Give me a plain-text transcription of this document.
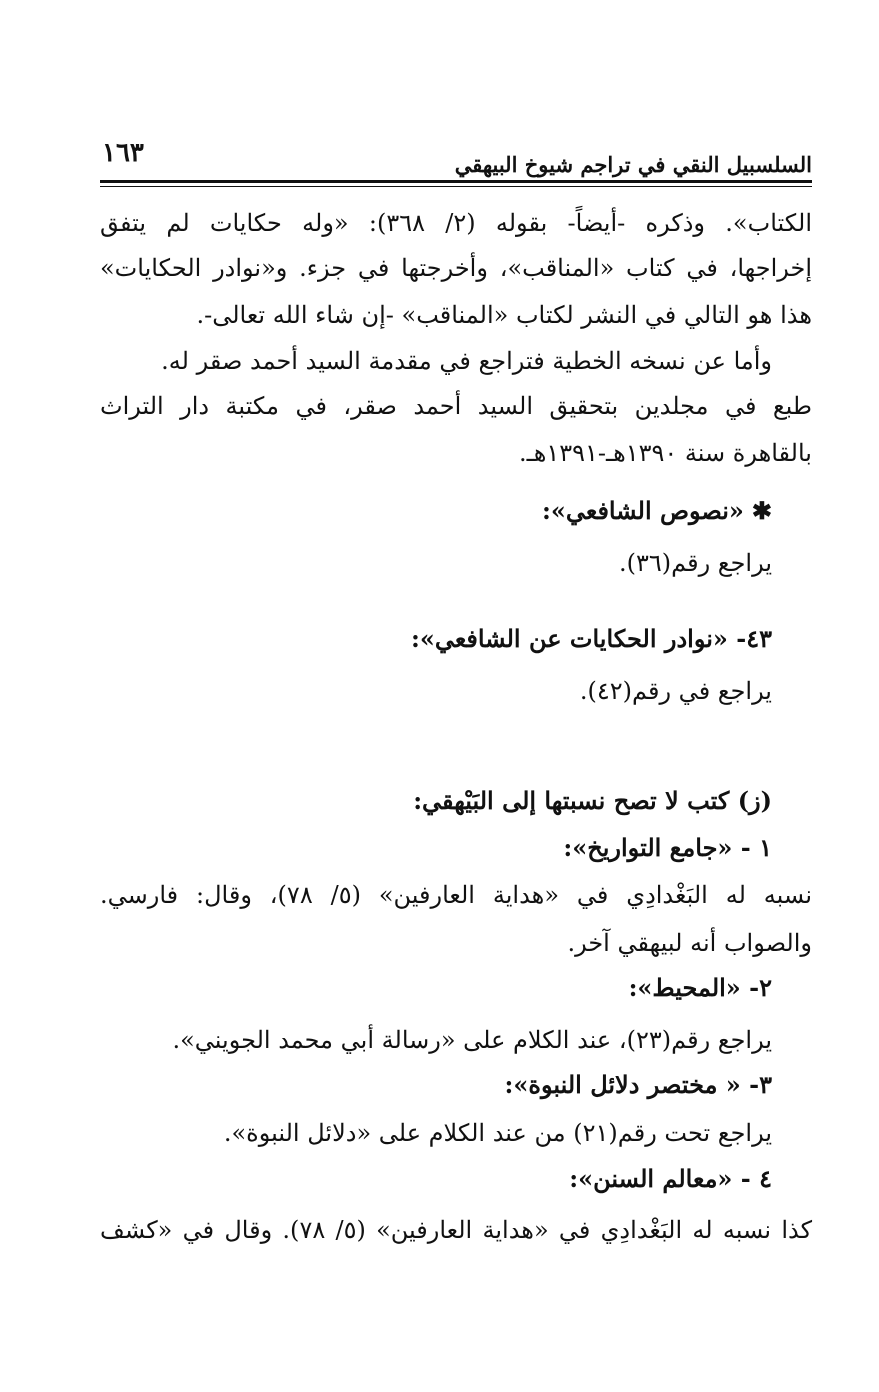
السلسبيل النقي في تراجم شيوخ البيهقي
١٦٣
الكتاب». وذكره -أيضاً- بقوله (٢/ ٣٦٨): «وله حكايات لم يتفق
إخراجها، في كتاب «المناقب»، وأخرجتها في جزء. و«نوادر الحكايات»
هذا هو التالي في النشر لكتاب «المناقب» -إن شاء الله تعالى-.
وأما عن نسخه الخطية فتراجع في مقدمة السيد أحمد صقر له.
طبع في مجلدين بتحقيق السيد أحمد صقر، في مكتبة دار التراث
بالقاهرة سنة ١٣٩٠هـ-١٣٩١هـ.
✱«نصوص الشافعي»:
يراجع رقم(٣٦).
٤٣- «نوادر الحكايات عن الشافعي»:
يراجع في رقم(٤٢).
(ز) كتب لا تصح نسبتها إلى البَيْهقي:
١ - «جامع التواريخ»:
نسبه له البَغْدادِي في «هداية العارفين» (٥/ ٧٨)، وقال: فارسي.
والصواب أنه لبيهقي آخر.
٢- «المحيط»:
يراجع رقم(٢٣)، عند الكلام على «رسالة أبي محمد الجويني».
٣- « مختصر دلائل النبوة»:
يراجع تحت رقم(٢١) من عند الكلام على «دلائل النبوة».
٤ - «معالم السنن»:
كذا نسبه له البَغْدادِي في «هداية العارفين» (٥/ ٧٨). وقال في «كشف
